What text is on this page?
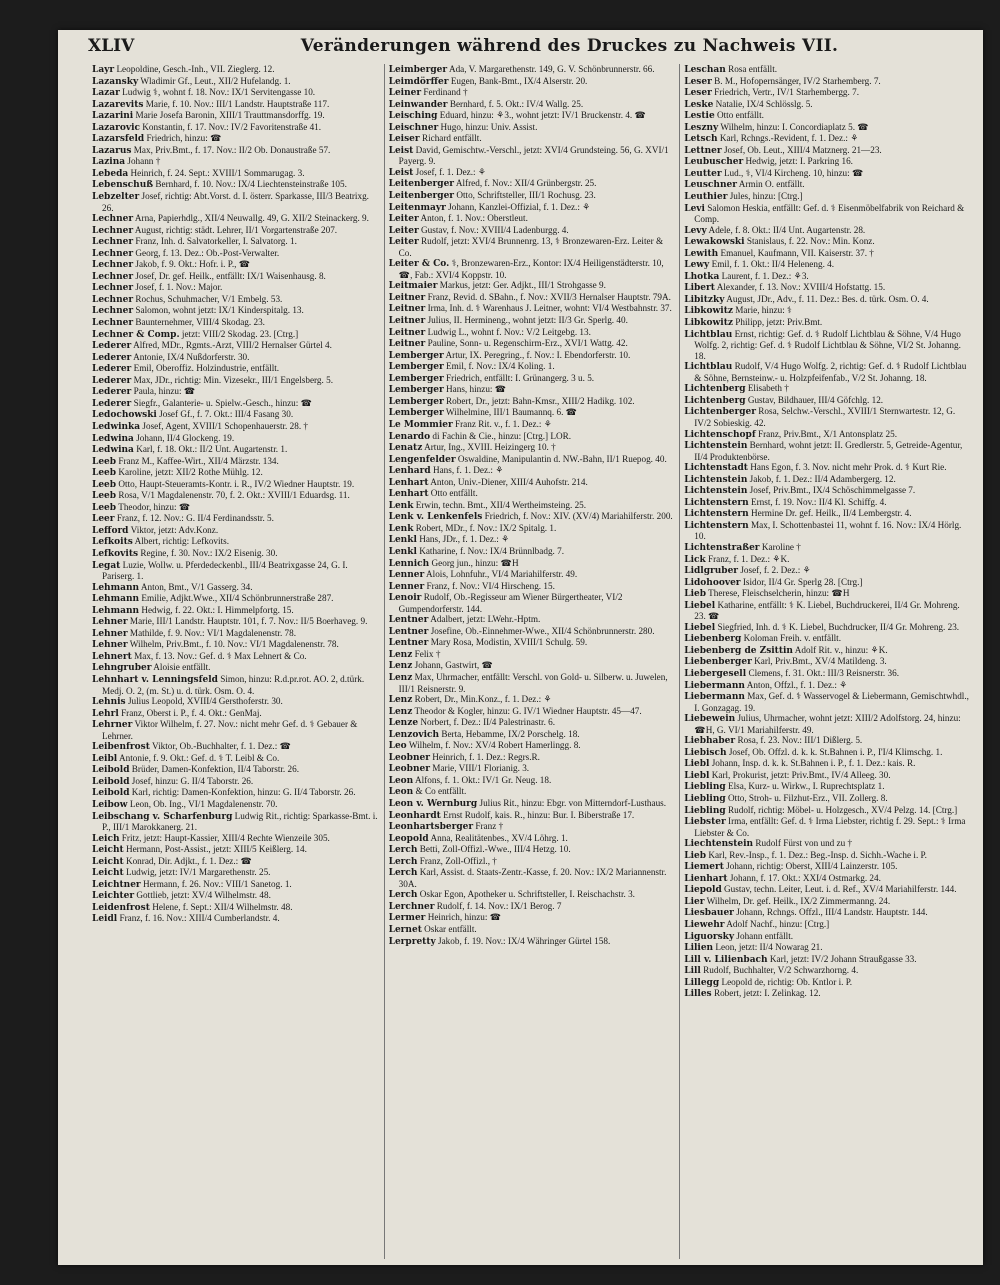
XLIV	Veränderungen während des Druckes zu Nachweis VII.
Layr Leopoldine, Gesch.-Inh., VII. Zieglerg. 12.
Lazansky Wladimir Gf., Leut., XII/2 Hufelandg. 1.
Lazar Ludwig ⚕, wohnt f. 18. Nov.: IX/1 Servitengasse 10.
Lazarevits Marie, f. 10. Nov.: III/1 Landstr. Hauptstraße 117.
Lazarini Marie Josefa Baronin, XIII/1 Trauttmansdorffg. 19.
Lazarovic Konstantin, f. 17. Nov.: IV/2 Favoritenstraße 41.
Lazarsfeld Friedrich, hinzu: ☎
Lazarus Max, Priv.Bmt., f. 17. Nov.: II/2 Ob. Donaustraße 57.
Lazina Johann †
Lebeda Heinrich, f. 24. Sept.: XVIII/1 Sommarugag. 3.
Lebenschuß Bernhard, f. 10. Nov.: IX/4 Liechtensteinstraße 105.
Lebzelter Josef, richtig: Abt.Vorst. d. I. österr. Sparkasse, III/3 Beatrixg. 26.
Lechner Arna, Papierhdlg., XII/4 Neuwallg. 49, G. XII/2 Steinackerg. 9.
Lechner August, richtig: städt. Lehrer, II/1 Vorgartenstraße 207.
Lechner Franz, Inh. d. Salvatorkeller, I. Salvatorg. 1.
Lechner Georg, f. 13. Dez.: Ob.-Post-Verwalter.
Lechner Jakob, f. 9. Okt.: Hofr. i. P., ☎
Lechner Josef, Dr. gef. Heilk., entfällt: IX/1 Waisenhausg. 8.
Lechner Josef, f. 1. Nov.: Major.
Lechner Rochus, Schuhmacher, V/1 Embelg. 53.
Lechner Salomon, wohnt jetzt: IX/1 Kinderspitalg. 13.
Lechner Baunternehmer, VIII/4 Skodag. 23.
Lechner & Comp. jetzt: VIII/2 Skodag. 23. [Ctrg.]
Lederer Alfred, MDr., Rgmts.-Arzt, VIII/2 Hernalser Gürtel 4.
Lederer Antonie, IX/4 Nußdorferstr. 30.
Lederer Emil, Oberoffiz. Holzindustrie, entfällt.
Lederer Max, JDr., richtig: Min. Vizesekr., III/1 Engelsberg. 5.
Lederer Paula, hinzu: ☎
Lederer Siegfr., Galanterie- u. Spielw.-Gesch., hinzu: ☎
Ledochowski Josef Gf., f. 7. Okt.: III/4 Fasang 30.
Ledwinka Josef, Agent, XVIII/1 Schopenhauerstr. 28. †
Ledwina Johann, II/4 Glockeng. 19.
Ledwina Karl, f. 18. Okt.: II/2 Unt. Augartenstr. 1.
Leeb Franz M., Kaffee-Wirt., XII/4 Märzstr. 134.
Leeb Karoline, jetzt: XII/2 Rothe Mühlg. 12.
Leeb Otto, Haupt-Steueramts-Kontr. i. R., IV/2 Wiedner Hauptstr. 19.
Leeb Rosa, V/1 Magdalenenstr. 70, f. 2. Okt.: XVIII/1 Eduardsg. 11.
Leeb Theodor, hinzu: ☎
Leer Franz, f. 12. Nov.: G. II/4 Ferdinandsstr. 5.
Lefford Viktor, jetzt: Adv.Konz.
Lefkoits Albert, richtig: Lefkovits.
Lefkovits Regine, f. 30. Nov.: IX/2 Eisenig. 30.
Legat Luzie, Wollw. u. Pferdedeckenbl., III/4 Beatrixgasse 24, G. I. Pariserg. 1.
Lehmann Anton, Bmt., V/1 Gasserg. 34.
Lehmann Emilie, Adjkt.Wwe., XII/4 Schönbrunnerstraße 287.
Lehmann Hedwig, f. 22. Okt.: I. Himmelpfortg. 15.
Lehner Marie, III/1 Landstr. Hauptstr. 101, f. 7. Nov.: II/5 Boerhaveg. 9.
Lehner Mathilde, f. 9. Nov.: VI/1 Magdalenenstr. 78.
Lehner Wilhelm, Priv.Bmt., f. 10. Nov.: VI/1 Magdalenenstr. 78.
Lehnert Max, f. 13. Nov.: Gef. d. ⚕ Max Lehnert & Co.
Lehngruber Aloisie entfällt.
Lehnhart v. Lenningsfeld Simon, hinzu: R.d.pr.rot. AO. 2, d.türk. Medj. O. 2, (m. St.) u. d. türk. Osm. O. 4.
Lehnis Julius Leopold, XVIII/4 Gersthoferstr. 30.
Lehrl Franz, Oberst i. P., f. 4. Okt.: GenMaj.
Lehrner Viktor Wilhelm, f. 27. Nov.: nicht mehr Gef. d. ⚕ Gebauer & Lehrner.
Leibenfrost Viktor, Ob.-Buchhalter, f. 1. Dez.: ☎
Leibl Antonie, f. 9. Okt.: Gef. d. ⚕ T. Leibl & Co.
Leibold Brüder, Damen-Konfektion, II/4 Taborstr. 26.
Leibold Josef, hinzu: G. II/4 Taborstr. 26.
Leibold Karl, richtig: Damen-Konfektion, hinzu: G. II/4 Taborstr. 26.
Leibow Leon, Ob. Ing., VI/1 Magdalenenstr. 70.
Leibschang v. Scharfenburg Ludwig Rit., richtig: Sparkasse-Bmt. i. P., III/1 Marokkanerg. 21.
Leich Fritz, jetzt: Haupt-Kassier, XIII/4 Rechte Wienzeile 305.
Leicht Hermann, Post-Assist., jetzt: XIII/5 Keißlerg. 14.
Leicht Konrad, Dir. Adjkt., f. 1. Dez.: ☎
Leicht Ludwig, jetzt: IV/1 Margarethenstr. 25.
Leichtner Hermann, f. 26. Nov.: VIII/1 Sanetog. 1.
Leichter Gottlieb, jetzt: XV/4 Wilhelmstr. 48.
Leidenfrost Helene, f. Sept.: XII/4 Wilhelmstr. 48.
Leidl Franz, f. 16. Nov.: XIII/4 Cumberlandstr. 4.
Leimberger Ada, V. Margarethenstr. 149, G. V. Schönbrunnerstr. 66.
Leimdörffer Eugen, Bank-Bmt., IX/4 Alserstr. 20.
Leiner Ferdinand †
Leinwander Bernhard, f. 5. Okt.: IV/4 Wallg. 25.
Leisching Eduard, hinzu: ⚘3., wohnt jetzt: IV/1 Bruckenstr. 4. ☎
Leischner Hugo, hinzu: Univ. Assist.
Leiser Richard entfällt.
Leist David, Gemischtw.-Verschl., jetzt: XVI/4 Grundsteing. 56, G. XVI/1 Payerg. 9.
Leist Josef, f. 1. Dez.: ⚘
Leitenberger Alfred, f. Nov.: XII/4 Grünbergstr. 25.
Leitenberger Otto, Schriftsteller, III/1 Rochusg. 23.
Leitenmayr Johann, Kanzlei-Offizial, f. 1. Dez.: ⚘
Leiter Anton, f. 1. Nov.: Oberstleut.
Leiter Gustav, f. Nov.: XVIII/4 Ladenburgg. 4.
Leiter Rudolf, jetzt: XVI/4 Brunnenrg. 13, ⚕ Bronzewaren-Erz. Leiter & Co.
Leiter & Co. ⚕, Bronzewaren-Erz., Kontor: IX/4 Heiligenstädterstr. 10, ☎, Fab.: XVI/4 Koppstr. 10.
Leitmaier Markus, jetzt: Ger. Adjkt., III/1 Strohgasse 9.
Leitner Franz, Revid. d. SBahn., f. Nov.: XVII/3 Hernalser Hauptstr. 79A.
Leitner Irma, Inh. d. ⚕ Warenhaus J. Leitner, wohnt: VI/4 Westbahnstr. 37.
Leitner Julius, II. Hermineng., wohnt jetzt: II/3 Gr. Sperlg. 40.
Leitner Ludwig L., wohnt f. Nov.: V/2 Leitgebg. 13.
Leitner Pauline, Sonn- u. Regenschirm-Erz., XVI/1 Wattg. 42.
Lemberger Artur, IX. Peregring., f. Nov.: I. Ebendorferstr. 10.
Lemberger Emil, f. Nov.: IX/4 Koling. 1.
Lemberger Friedrich, entfällt: I. Grünangerg. 3 u. 5.
Lemberger Hans, hinzu: ☎
Lemberger Robert, Dr., jetzt: Bahn-Kmsr., XIII/2 Hadikg. 102.
Lemberger Wilhelmine, III/1 Baumannq. 6. ☎
Le Mommier Franz Rit. v., f. 1. Dez.: ⚘
Lenardo di Fachin & Cie., hinzu: [Ctrg.] LOR.
Lenatz Artur, Ing., XVIII. Heizingerg 10. †
Lengenfelder Oswaldine, Manipulantin d. NW.-Bahn, II/1 Ruepog. 40.
Lenhard Hans, f. 1. Dez.: ⚘
Lenhart Anton, Univ.-Diener, XIII/4 Auhofstr. 214.
Lenhart Otto entfällt.
Lenk Erwin, techn. Bmt., XII/4 Wertheimsteing. 25.
Lenk v. Lenkenfels Friedrich, f. Nov.: XIV. (XV/4) Mariahilferstr. 200.
Lenk Robert, MDr., f. Nov.: IX/2 Spitalg. 1.
Lenkl Hans, JDr., f. 1. Dez.: ⚘
Lenkl Katharine, f. Nov.: IX/4 Brünnlbadg. 7.
Lennich Georg jun., hinzu: ☎H
Lenner Alois, Lohnfuhr., VI/4 Mariahilferstr. 49.
Lenner Franz, f. Nov.: VI/4 Hirscheng. 15.
Lenoir Rudolf, Ob.-Regisseur am Wiener Bürgertheater, VI/2 Gumpendorferstr. 144.
Lentner Adalbert, jetzt: LWehr.-Hptm.
Lentner Josefine, Ob.-Einnehmer-Wwe., XII/4 Schönbrunnerstr. 280.
Lentner Mary Rosa, Modistin, XVIII/1 Schulg. 59.
Lenz Felix †
Lenz Johann, Gastwirt, ☎
Lenz Max, Uhrmacher, entfällt: Verschl. von Gold- u. Silberw. u. Juwelen, III/1 Reisnerstr. 9.
Lenz Robert, Dr., Min.Konz., f. 1. Dez.: ⚘
Lenz Theodor & Kogler, hinzu: G. IV/1 Wiedner Hauptstr. 45—47.
Lenze Norbert, f. Dez.: II/4 Palestrinastr. 6.
Lenzovich Berta, Hebamme, IX/2 Porschelg. 18.
Leo Wilhelm, f. Nov.: XV/4 Robert Hamerlingg. 8.
Leobner Heinrich, f. 1. Dez.: Regrs.R.
Leobner Marie, VIII/1 Florianig. 3.
Leon Alfons, f. 1. Okt.: IV/1 Gr. Neug. 18.
Leon & Co entfällt.
Leon v. Wernburg Julius Rit., hinzu: Ebgr. von Mitterndorf-Lusthaus.
Leonhardt Ernst Rudolf, kais. R., hinzu: Bur. I. Biberstraße 17.
Leonhartsberger Franz †
Leopold Anna, Realitätenbes., XV/4 Löhrg. 1.
Lerch Betti, Zoll-Offizl.-Wwe., III/4 Hetzg. 10.
Lerch Franz, Zoll-Offizl., †
Lerch Karl, Assist. d. Staats-Zentr.-Kasse, f. 20. Nov.: IX/2 Mariannenstr. 30A.
Lerch Oskar Egon, Apotheker u. Schriftsteller, I. Reischachstr. 3.
Lerchner Rudolf, f. 14. Nov.: IX/1 Berog. 7
Lermer Heinrich, hinzu: ☎
Lernet Oskar entfällt.
Lerpretty Jakob, f. 19. Nov.: IX/4 Währinger Gürtel 158.
Leschan Rosa entfällt.
Leser B. M., Hofopernsänger, IV/2 Starhemberg. 7.
Leser Friedrich, Vertr., IV/1 Starhembergg. 7.
Leske Natalie, IX/4 Schlösslg. 5.
Lestie Otto entfällt.
Leszny Wilhelm, hinzu: I. Concordiaplatz 5. ☎
Letsch Karl, Rchngs.-Revident, f. 1. Dez.: ⚘
Lettner Josef, Ob. Leut., XIII/4 Matznerg. 21—23.
Leubuscher Hedwig, jetzt: I. Parkring 16.
Leutter Lud., ⚕, VI/4 Kircheng. 10, hinzu: ☎
Leuschner Armin O. entfällt.
Leuthier Jules, hinzu: [Ctrg.]
Levi Salomon Heskia, entfällt: Gef. d. ⚕ Eisenmöbelfabrik von Reichard & Comp.
Levy Adele, f. 8. Okt.: II/4 Unt. Augartenstr. 28.
Lewakowski Stanislaus, f. 22. Nov.: Min. Konz.
Lewith Emanuel, Kaufmann, VII. Kaiserstr. 37. †
Lewy Emil, f. 1. Okt.: II/4 Heleneng. 4.
Lhotka Laurent, f. 1. Dez.: ⚘3.
Libert Alexander, f. 13. Nov.: XVIII/4 Hofstattg. 15.
Libitzky August, JDr., Adv., f. 11. Dez.: Bes. d. türk. Osm. O. 4.
Libkowitz Marie, hinzu: ⚕
Libkowitz Philipp, jetzt: Priv.Bmt.
Lichtblau Ernst, richtig: Gef. d. ⚕ Rudolf Lichtblau & Söhne, V/4 Hugo Wolfg. 2, richtig: Gef. d. ⚕ Rudolf Lichtblau & Söhne, VI/2 St. Johanng. 18.
Lichtblau Rudolf, V/4 Hugo Wolfg. 2, richtig: Gef. d. ⚕ Rudolf Lichtblau & Söhne, Bernsteinw.- u. Holzpfeifenfab., V/2 St. Johanng. 18.
Lichtenberg Elisabeth †
Lichtenberg Gustav, Bildhauer, III/4 Göfchlg. 12.
Lichtenberger Rosa, Selchw.-Verschl., XVIII/1 Sternwartestr. 12, G. IV/2 Sobieskig. 42.
Lichtenschopf Franz, Priv.Bmt., X/1 Antonsplatz 25.
Lichtenstein Bernhard, wohnt jetzt: II. Gredlerstr. 5, Getreide-Agentur, II/4 Produktenbörse.
Lichtenstadt Hans Egon, f. 3. Nov. nicht mehr Prok. d. ⚕ Kurt Rie.
Lichtenstein Jakob, f. 1. Dez.: II/4 Adambergerg. 12.
Lichtenstein Josef, Priv.Bmt., IX/4 Schöschimmelgasse 7.
Lichtenstern Ernst, f. 19. Nov.: II/4 Kl. Schiffg. 4.
Lichtenstern Hermine Dr. gef. Heilk., II/4 Lembergstr. 4.
Lichtenstern Max, I. Schottenbastei 11, wohnt f. 16. Nov.: IX/4 Hörlg. 10.
Lichtenstraßer Karoline †
Lick Franz, f. 1. Dez.: ⚘K.
Lidlgruber Josef, f. 2. Dez.: ⚘
Lidohoover Isidor, II/4 Gr. Sperlg 28. [Ctrg.]
Lieb Therese, Fleischselcherin, hinzu: ☎H
Liebel Katharine, entfällt: ⚕ K. Liebel, Buchdruckerei, II/4 Gr. Mohreng. 23. ☎
Liebel Siegfried, Inh. d. ⚕ K. Liebel, Buchdrucker, II/4 Gr. Mohreng. 23.
Liebenberg Koloman Freih. v. entfällt.
Liebenberg de Zsittin Adolf Rit. v., hinzu: ⚘K.
Liebenberger Karl, Priv.Bmt., XV/4 Matildeng. 3.
Liebergesell Clemens, f. 31. Okt.: III/3 Reisnerstr. 36.
Liebermann Anton, Offzl., f. 1. Dez.: ⚘
Liebermann Max, Gef. d. ⚕ Wasservogel & Liebermann, Gemischtwhdl., I. Gonzagag. 19.
Liebewein Julius, Uhrmacher, wohnt jetzt: XIII/2 Adolfstorg. 24, hinzu: ☎H, G. VI/1 Mariahilferstr. 49.
Liebhaber Rosa, f. 23. Nov.: III/1 Dißlerg. 5.
Liebisch Josef, Ob. Offzl. d. k. k. St.Bahnen i. P., I'I/4 Klimschg. 1.
Liebl Johann, Insp. d. k. k. St.Bahnen i. P., f. 1. Dez.: kais. R.
Liebl Karl, Prokurist, jetzt: Priv.Bmt., IV/4 Alleeg. 30.
Liebling Elsa, Kurz- u. Wirkw., I. Ruprechtsplatz 1.
Liebling Otto, Stroh- u. Filzhut-Erz., VII. Zollerg. 8.
Liebling Rudolf, richtig: Möbel- u. Holzgesch., XV/4 Pelzg. 14. [Ctrg.]
Liebster Irma, entfällt: Gef. d. ⚕ Irma Liebster, richtig f. 29. Sept.: ⚕ Irma Liebster & Co.
Liechtenstein Rudolf Fürst von und zu †
Lieb Karl, Rev.-Insp., f. 1. Dez.: Beg.-Insp. d. Sichh.-Wache i. P.
Liemert Johann, richtig: Oberst, XIII/4 Lainzerstr. 105.
Lienhart Johann, f. 17. Okt.: XXI/4 Ostmarkg. 24.
Liepold Gustav, techn. Leiter, Leut. i. d. Ref., XV/4 Mariahilferstr. 144.
Lier Wilhelm, Dr. gef. Heilk., IX/2 Zimmermanng. 24.
Liesbauer Johann, Rchngs. Offzl., III/4 Landstr. Hauptstr. 144.
Liewehr Adolf Nachf., hinzu: [Ctrg.]
Liguorsky Johann entfällt.
Lilien Leon, jetzt: II/4 Nowarag 21.
Lill v. Lilienbach Karl, jetzt: IV/2 Johann Straußgasse 33.
Lill Rudolf, Buchhalter, V/2 Schwarzhorng. 4.
Lillegg Leopold de, richtig: Ob. Kntlor i. P.
Lilles Robert, jetzt: I. Zelinkag. 12.
